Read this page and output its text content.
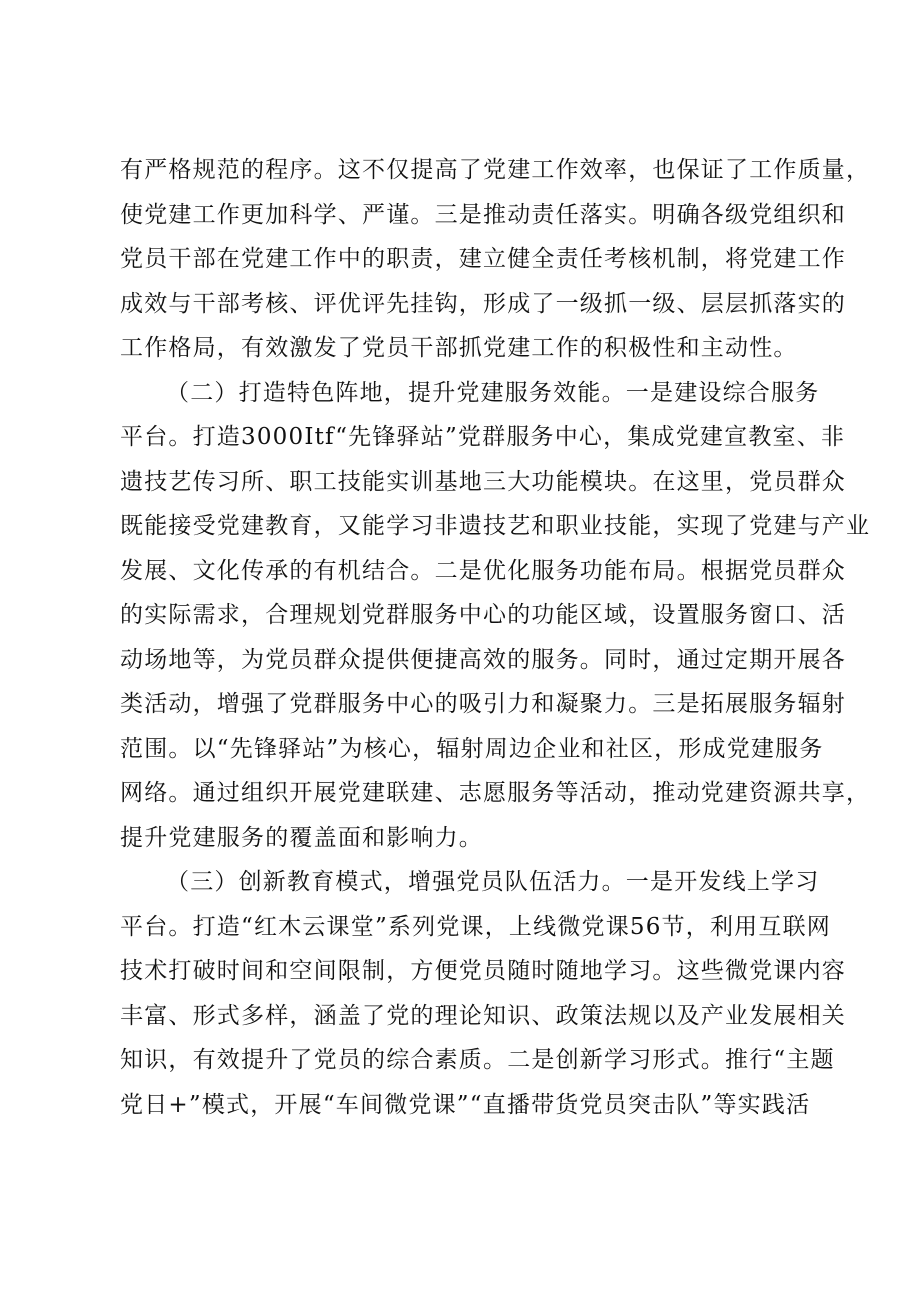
有严格规范的程序。这不仅提高了党建工作效率，也保证了工作质量，
使党建工作更加科学、严谨。三是推动责任落实。明确各级党组织和
党员干部在党建工作中的职责，建立健全责任考核机制，将党建工作
成效与干部考核、评优评先挂钩，形成了一级抓一级、层层抓落实的
工作格局，有效激发了党员干部抓党建工作的积极性和主动性。
（二）打造特色阵地，提升党建服务效能。一是建设综合服务
平台。打造3000Itf“先锋驿站”党群服务中心，集成党建宣教室、非
遗技艺传习所、职工技能实训基地三大功能模块。在这里，党员群众
既能接受党建教育，又能学习非遗技艺和职业技能，实现了党建与产业
发展、文化传承的有机结合。二是优化服务功能布局。根据党员群众
的实际需求，合理规划党群服务中心的功能区域，设置服务窗口、活
动场地等，为党员群众提供便捷高效的服务。同时，通过定期开展各
类活动，增强了党群服务中心的吸引力和凝聚力。三是拓展服务辐射
范围。以“先锋驿站”为核心，辐射周边企业和社区，形成党建服务
网络。通过组织开展党建联建、志愿服务等活动，推动党建资源共享，
提升党建服务的覆盖面和影响力。
（三）创新教育模式，增强党员队伍活力。一是开发线上学习
平台。打造“红木云课堂”系列党课，上线微党课56节，利用互联网
技术打破时间和空间限制，方便党员随时随地学习。这些微党课内容
丰富、形式多样，涵盖了党的理论知识、政策法规以及产业发展相关
知识，有效提升了党员的综合素质。二是创新学习形式。推行“主题
党日+”模式，开展“车间微党课”“直播带货党员突击队”等实践活
